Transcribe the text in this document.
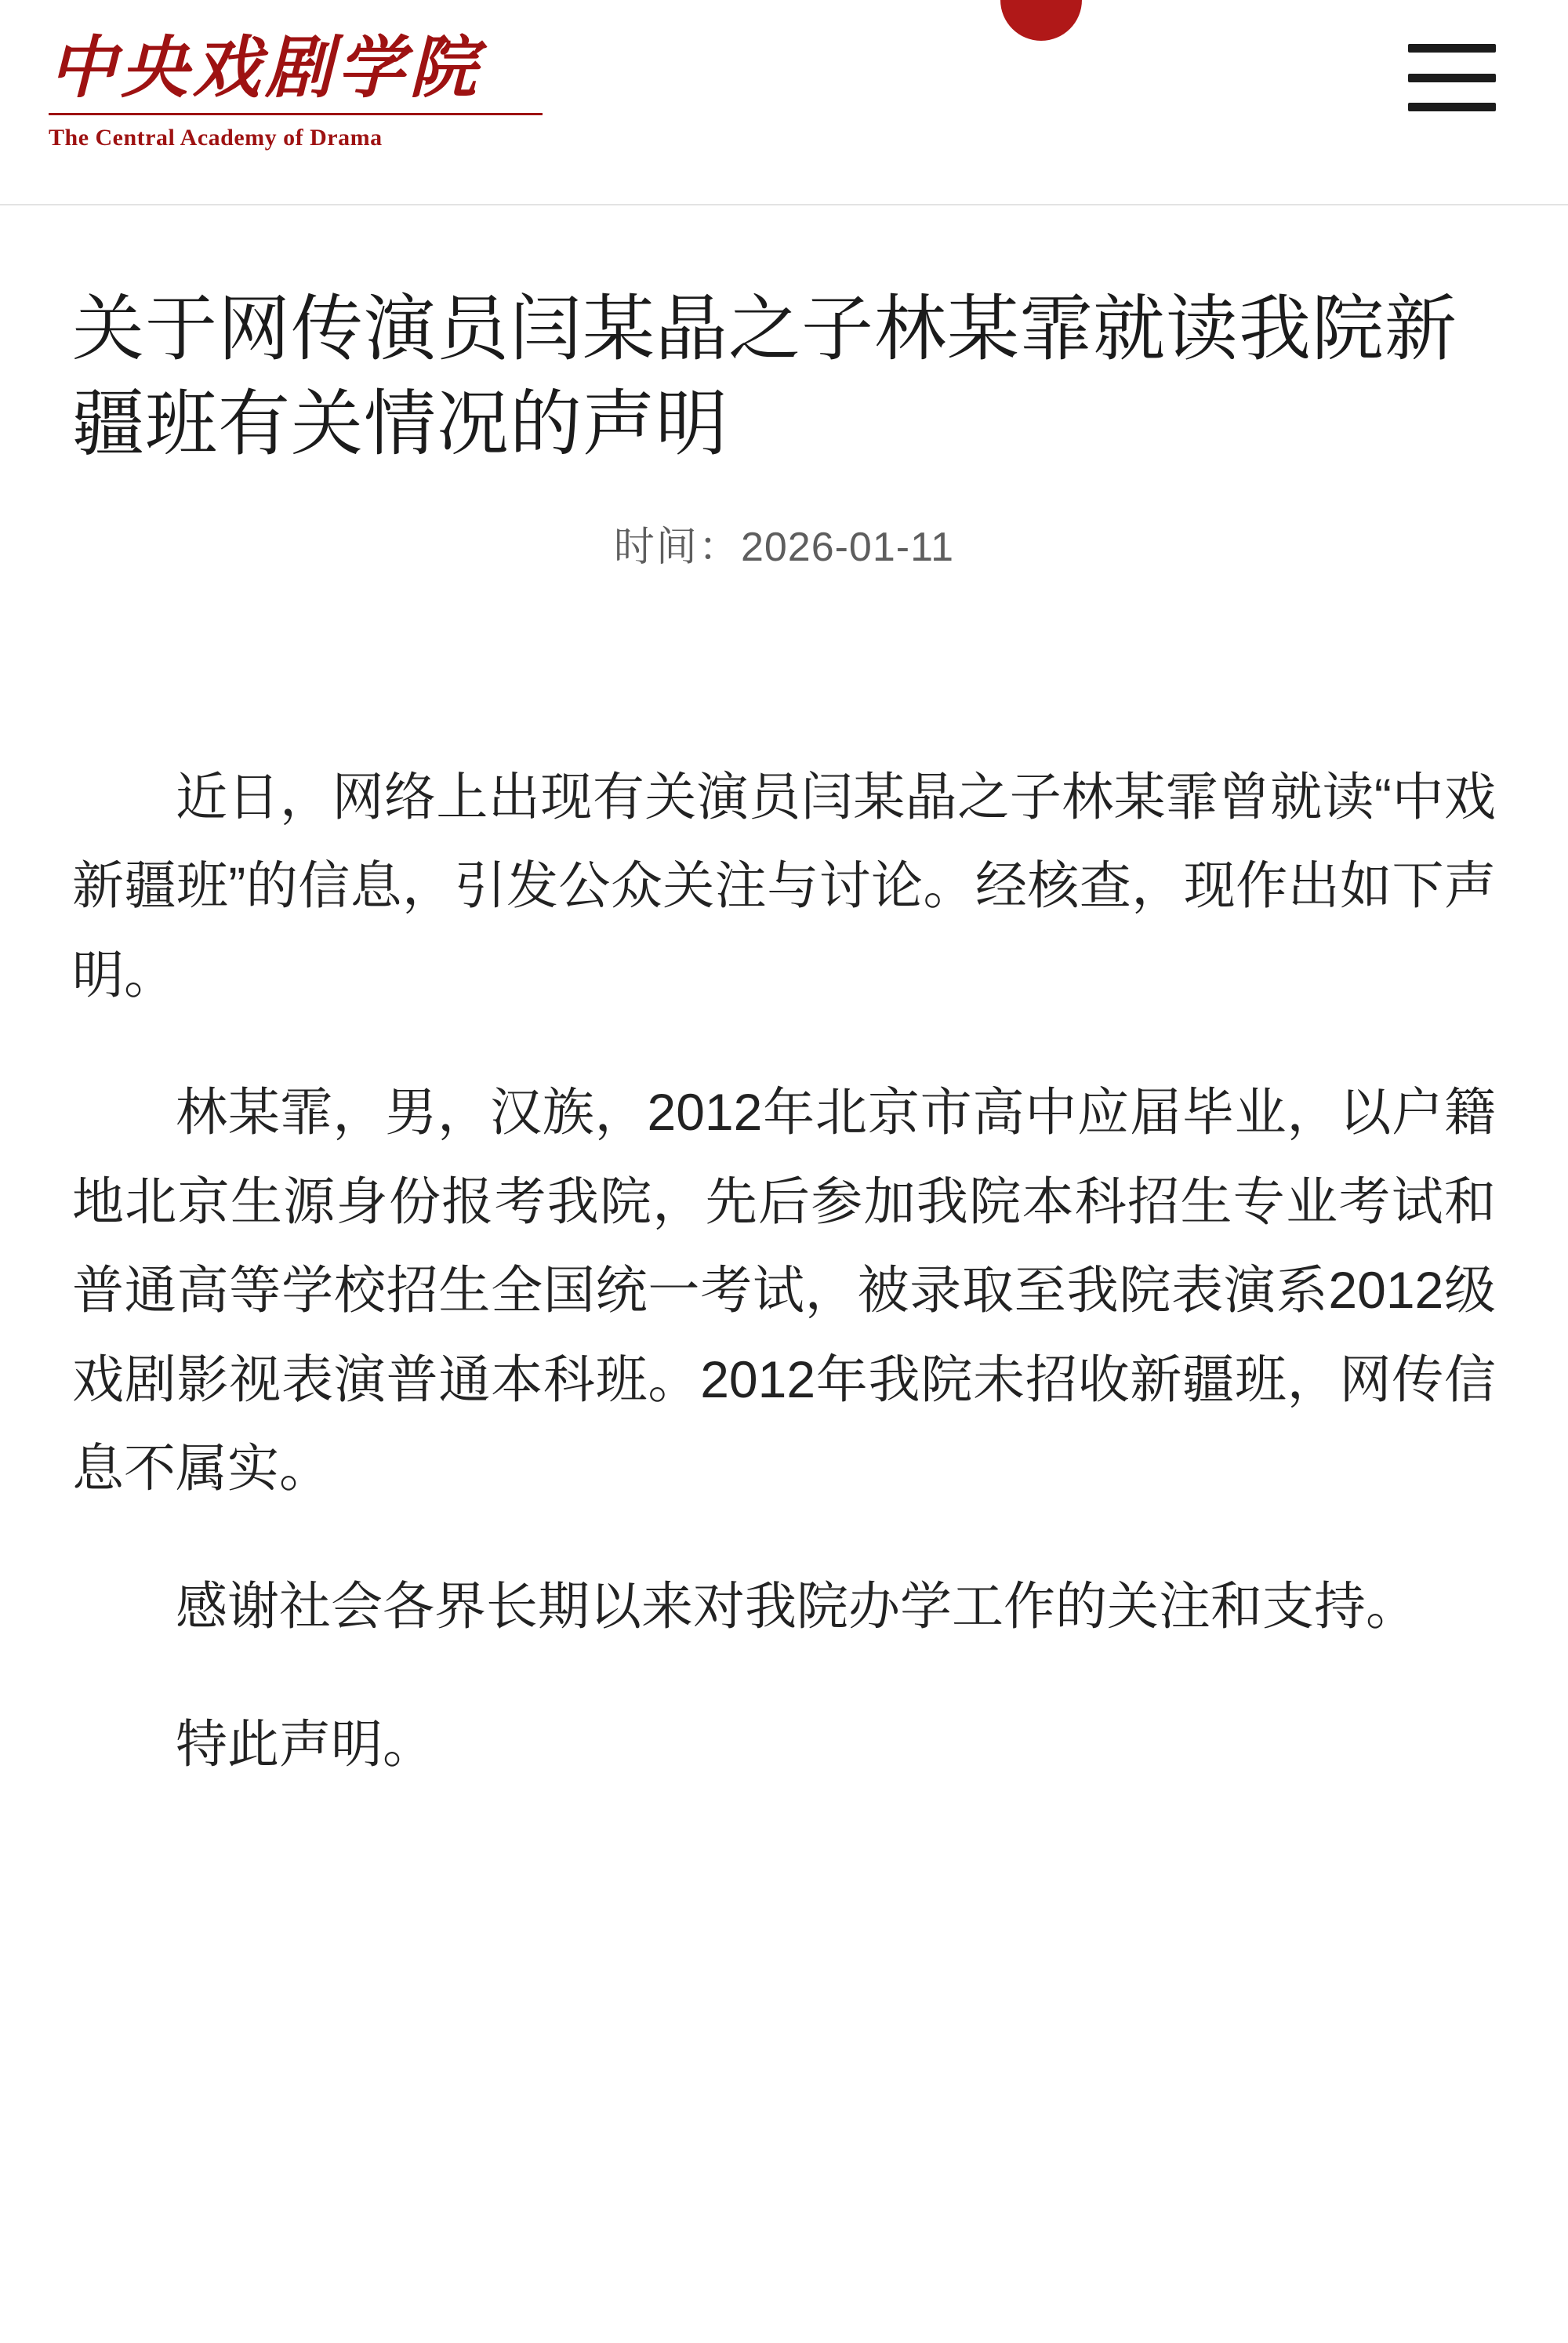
中央戏剧学院
The Central Academy of Drama
关于网传演员闫某晶之子林某霏就读我院新疆班有关情况的声明
时间：2026-01-11

近日，网络上出现有关演员闫某晶之子林某霏曾就读“中戏新疆班”的信息，引发公众关注与讨论。经核查，现作出如下声明。

林某霏，男，汉族，2012年北京市高中应届毕业，以户籍地北京生源身份报考我院，先后参加我院本科招生专业考试和普通高等学校招生全国统一考试，被录取至我院表演系2012级戏剧影视表演普通本科班。2012年我院未招收新疆班，网传信息不属实。

感谢社会各界长期以来对我院办学工作的关注和支持。

特此声明。
